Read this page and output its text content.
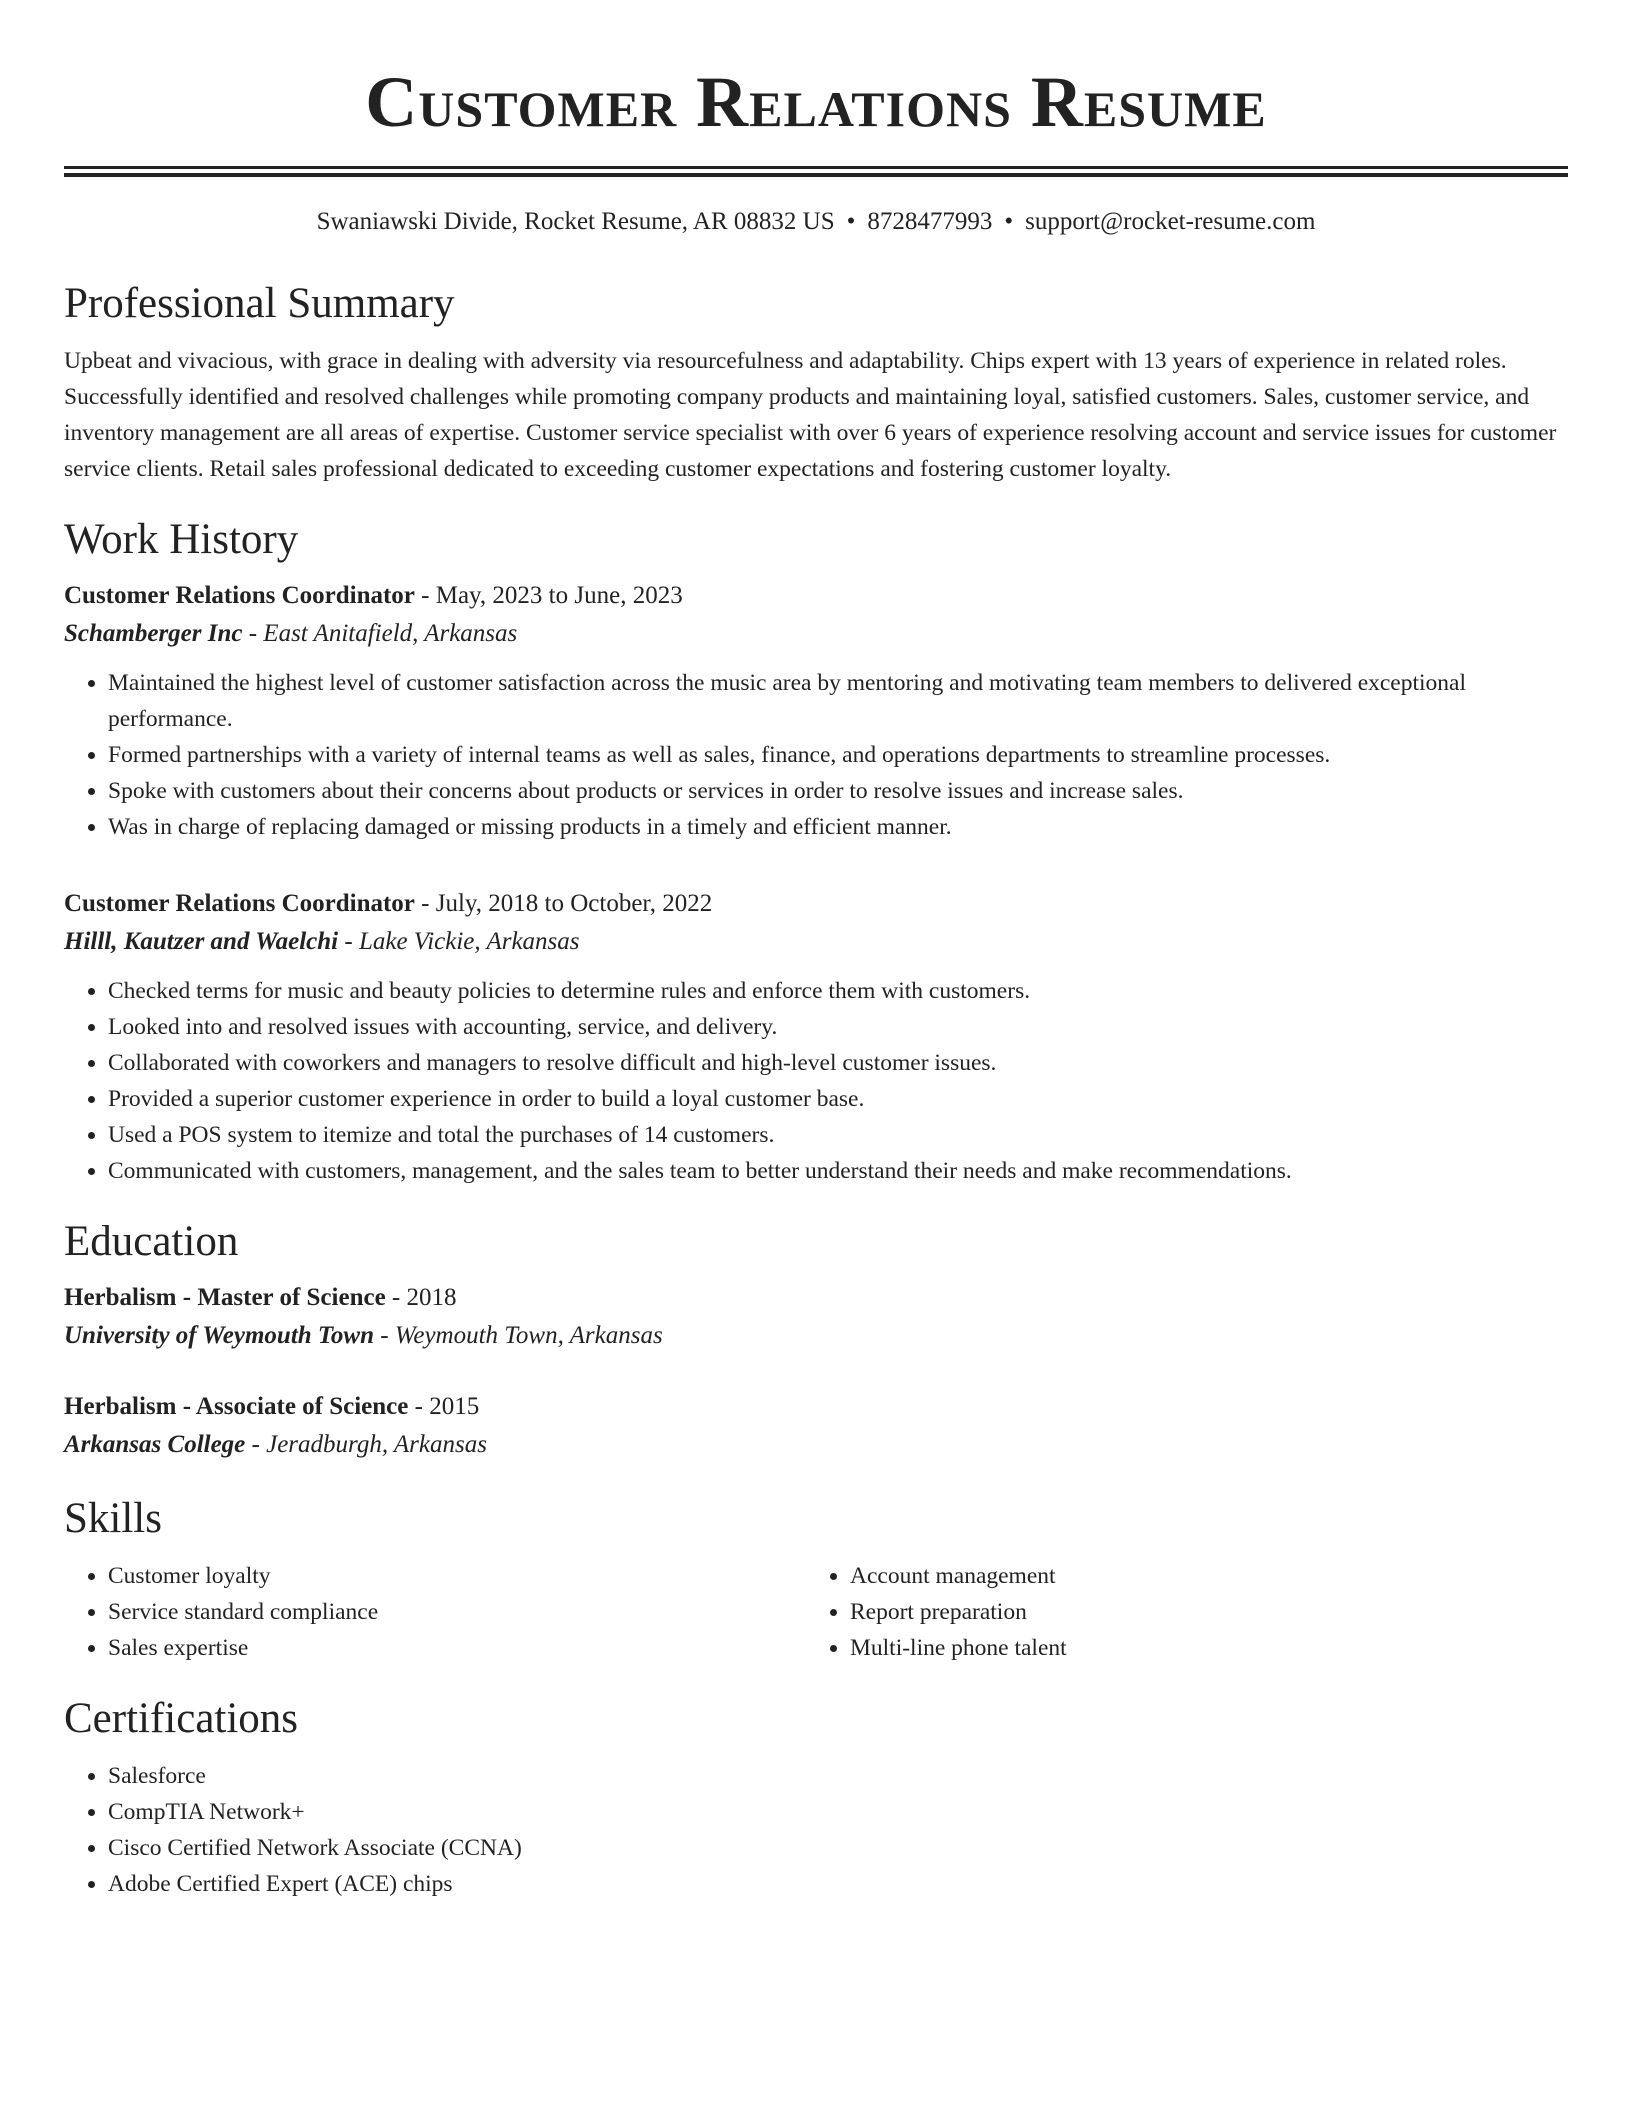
Customer Relations Resume
Swaniawski Divide, Rocket Resume, AR 08832 US • 8728477993 • support@rocket-resume.com
Professional Summary

Upbeat and vivacious, with grace in dealing with adversity via resourcefulness and adaptability. Chips expert with 13 years of experience in related roles. Successfully identified and resolved challenges while promoting company products and maintaining loyal, satisfied customers. Sales, customer service, and inventory management are all areas of expertise. Customer service specialist with over 6 years of experience resolving account and service issues for customer service clients. Retail sales professional dedicated to exceeding customer expectations and fostering customer loyalty.

Work History
Customer Relations Coordinator - May, 2023 to June, 2023
Schamberger Inc - East Anitafield, Arkansas
• Maintained the highest level of customer satisfaction across the music area by mentoring and motivating team members to delivered exceptional performance.
• Formed partnerships with a variety of internal teams as well as sales, finance, and operations departments to streamline processes.
• Spoke with customers about their concerns about products or services in order to resolve issues and increase sales.
• Was in charge of replacing damaged or missing products in a timely and efficient manner.
Customer Relations Coordinator - July, 2018 to October, 2022
Hilll, Kautzer and Waelchi - Lake Vickie, Arkansas
• Checked terms for music and beauty policies to determine rules and enforce them with customers.
• Looked into and resolved issues with accounting, service, and delivery.
• Collaborated with coworkers and managers to resolve difficult and high-level customer issues.
• Provided a superior customer experience in order to build a loyal customer base.
• Used a POS system to itemize and total the purchases of 14 customers.
• Communicated with customers, management, and the sales team to better understand their needs and make recommendations.
Education
Herbalism - Master of Science - 2018
University of Weymouth Town - Weymouth Town, Arkansas
Herbalism - Associate of Science - 2015
Arkansas College - Jeradburgh, Arkansas
Skills
• Customer loyalty
• Service standard compliance
• Sales expertise
• Account management
• Report preparation
• Multi-line phone talent
Certifications
• Salesforce
• CompTIA Network+
• Cisco Certified Network Associate (CCNA)
• Adobe Certified Expert (ACE) chips
